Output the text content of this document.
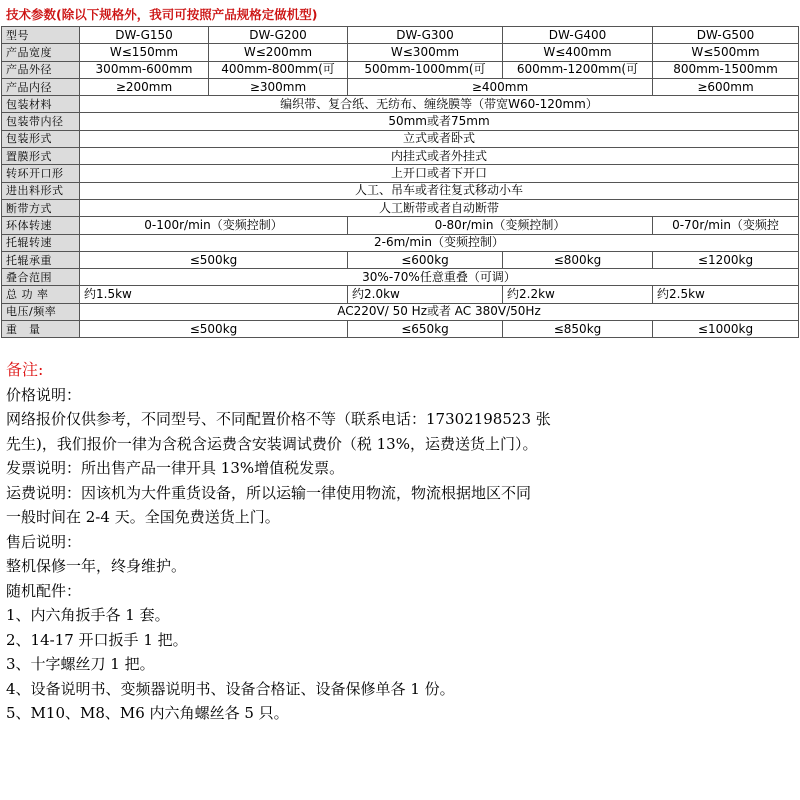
技术参数(除以下规格外，我司可按照产品规格定做机型)
型号	DW-G150	DW-G200	DW-G300	DW-G400	DW-G500
产品宽度	W≤150mm	W≤200mm	W≤300mm	W≤400mm	W≤500mm
产品外径	300mm-600mm	400mm-800mm(可	500mm-1000mm(可	600mm-1200mm(可	800mm-1500mm
产品内径	≥200mm	≥300mm	≥400mm		≥600mm
包装材料	编织带、复合纸、无纺布、缠绕膜等（带宽W60-120mm）				
包装带内径	50mm或者75mm				
包装形式	立式或者卧式				
置膜形式	内挂式或者外挂式				
转环开口形	上开口或者下开口				
进出料形式	人工、吊车或者往复式移动小车				
断带方式	人工断带或者自动断带				
环体转速	0-100r/min（变频控制）		0-80r/min（变频控制）		0-70r/min（变频控
托辊转速	2-6m/min（变频控制）				
托辊承重	≤500kg		≤600kg	≤800kg	≤1200kg
叠合范围	30%-70%任意重叠（可调）				
总 功 率	约1.5kw		约2.0kw	约2.2kw	约2.5kw
电压/频率	AC220V/ 50 Hz或者 AC 380V/50Hz				
重　量	≤500kg		≤650kg	≤850kg	≤1000kg

备注:

价格说明：

网络报价仅供参考，不同型号、不同配置价格不等（联系电话：17302198523 张

先生)，我们报价一律为含税含运费含安装调试费价（税 13%，运费送货上门）。

发票说明：所出售产品一律开具 13%增值税发票。

运费说明：因该机为大件重货设备，所以运输一律使用物流，物流根据地区不同

一般时间在 2-4 天。全国免费送货上门。

售后说明：

整机保修一年，终身维护。

随机配件：

1、内六角扳手各 1 套。

2、14-17 开口扳手 1 把。

3、十字螺丝刀 1 把。

4、设备说明书、变频器说明书、设备合格证、设备保修单各 1 份。

5、M10、M8、M6 内六角螺丝各 5 只。
